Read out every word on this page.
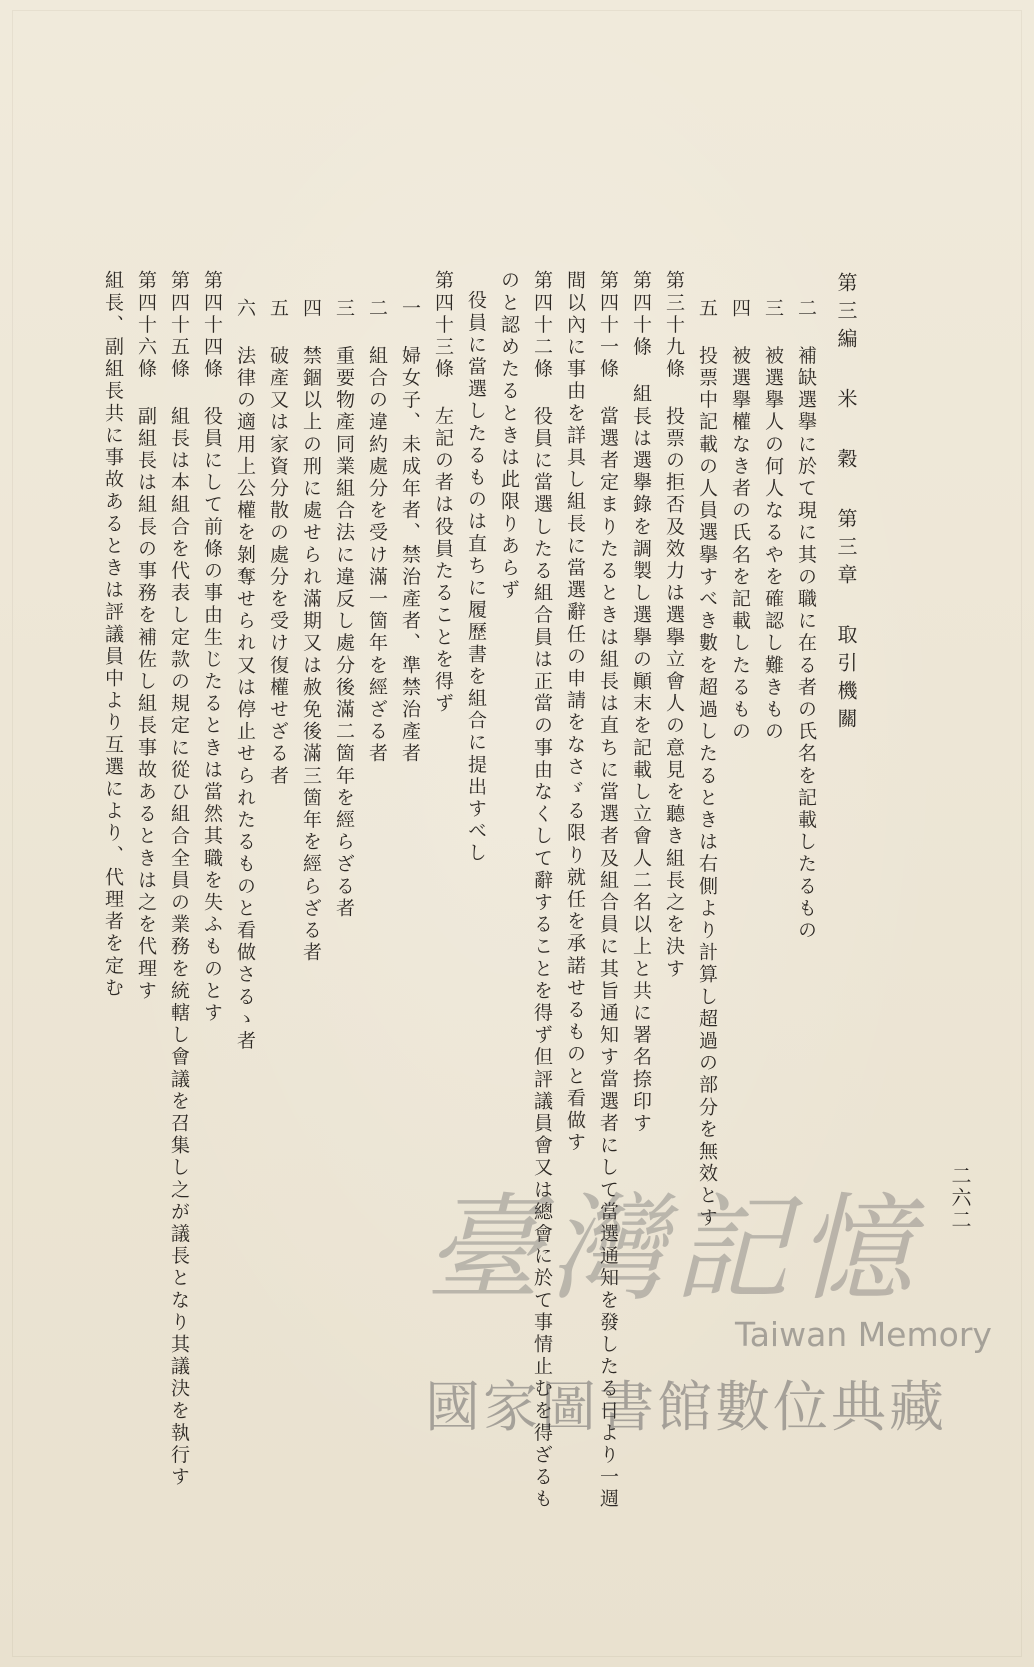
第三編 米 穀 第三章 取引機關
二 補缺選擧に於て現に其の職に在る者の氏名を記載したるもの
三 被選擧人の何人なるやを確認し難きもの
四 被選擧權なき者の氏名を記載したるもの
五 投票中記載の人員選擧すべき數を超過したるときは右側より計算し超過の部分を無效とす
第三十九條 投票の拒否及效力は選擧立會人の意見を聽き組長之を決す
第四十條 組長は選擧錄を調製し選擧の顚末を記載し立會人二名以上と共に署名捺印す
第四十一條 當選者定まりたるときは組長は直ちに當選者及組合員に其旨通知す當選者にして當選通知を發したる日より一週
間以內に事由を詳具し組長に當選辭任の申請をなさゞる限り就任を承諾せるものと看做す
第四十二條 役員に當選したる組合員は正當の事由なくして辭することを得ず但評議員會又は總會に於て事情止むを得ざるも
のと認めたるときは此限りあらず
役員に當選したるものは直ちに履歷書を組合に提出すべし
第四十三條 左記の者は役員たることを得ず
一 婦女子、未成年者、禁治產者、準禁治產者
二 組合の違約處分を受け滿一箇年を經ざる者
三 重要物產同業組合法に違反し處分後滿二箇年を經らざる者
四 禁錮以上の刑に處せられ滿期又は赦免後滿三箇年を經らざる者
五 破產又は家資分散の處分を受け復權せざる者
六 法律の適用上公權を剝奪せられ又は停止せられたるものと看做さるゝ者
第四十四條 役員にして前條の事由生じたるときは當然其職を失ふものとす
第四十五條 組長は本組合を代表し定款の規定に從ひ組合全員の業務を統轄し會議を召集し之が議長となり其議決を執行す
第四十六條 副組長は組長の事務を補佐し組長事故あるときは之を代理す
組長、副組長共に事故あるときは評議員中より互選により、代理者を定む
二六二
臺灣記憶
Taiwan Memory
國家圖書館數位典藏
